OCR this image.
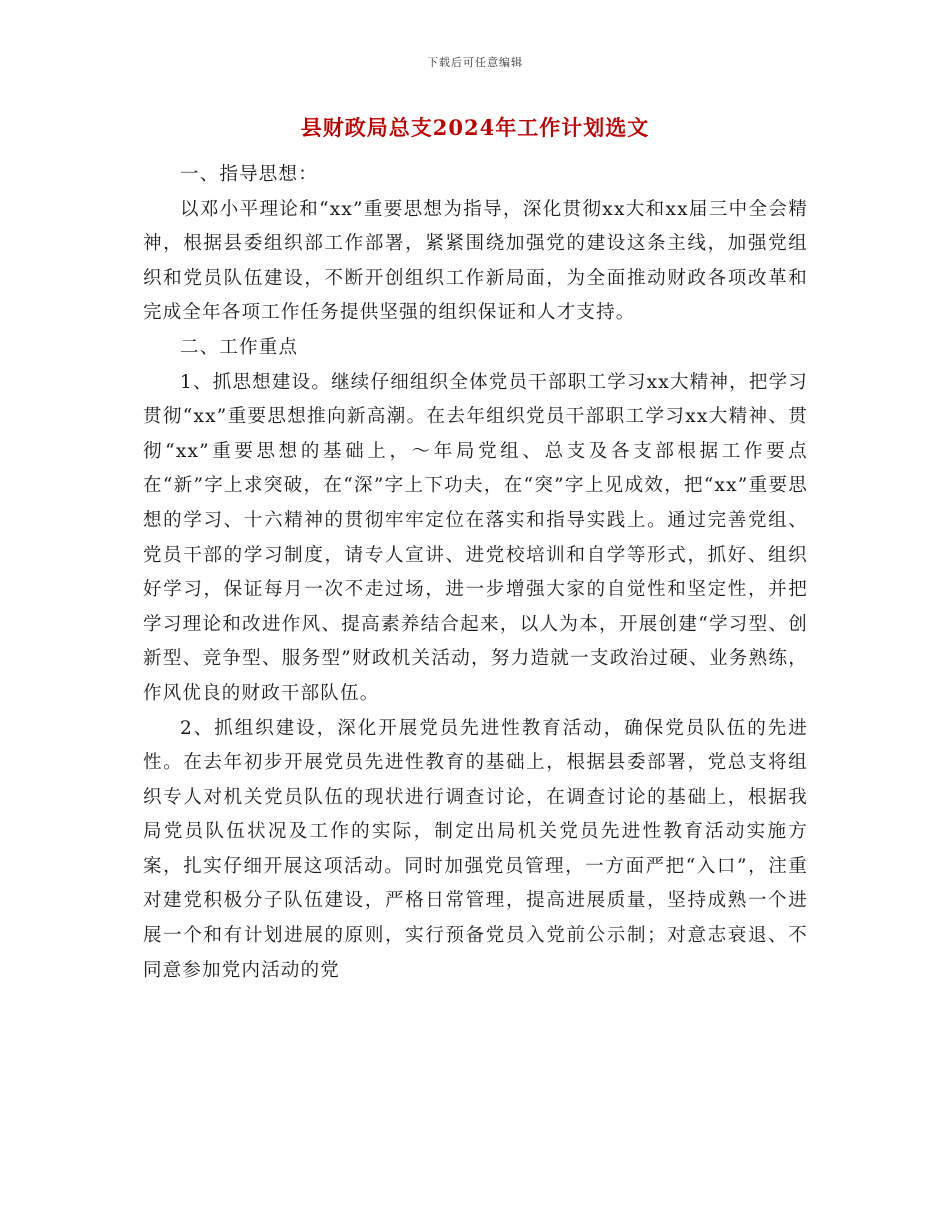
下载后可任意编辑
县财政局总支2024年工作计划选文

一、指导思想：

以邓小平理论和“xx”重要思想为指导，深化贯彻xx大和xx届三中全会精神，根据县委组织部工作部署，紧紧围绕加强党的建设这条主线，加强党组织和党员队伍建设，不断开创组织工作新局面，为全面推动财政各项改革和完成全年各项工作任务提供坚强的组织保证和人才支持。

二、工作重点

1、抓思想建设。继续仔细组织全体党员干部职工学习xx大精神，把学习贯彻“xx”重要思想推向新高潮。在去年组织党员干部职工学习xx大精神、贯彻“xx”重要思想的基础上，～年局党组、总支及各支部根据工作要点在“新”字上求突破，在“深”字上下功夫，在“突”字上见成效，把“xx”重要思想的学习、十六精神的贯彻牢牢定位在落实和指导实践上。通过完善党组、党员干部的学习制度，请专人宣讲、进党校培训和自学等形式，抓好、组织好学习，保证每月一次不走过场，进一步增强大家的自觉性和坚定性，并把学习理论和改进作风、提高素养结合起来，以人为本，开展创建“学习型、创新型、竞争型、服务型”财政机关活动，努力造就一支政治过硬、业务熟练，作风优良的财政干部队伍。

2、抓组织建设，深化开展党员先进性教育活动，确保党员队伍的先进性。在去年初步开展党员先进性教育的基础上，根据县委部署，党总支将组织专人对机关党员队伍的现状进行调查讨论，在调查讨论的基础上，根据我局党员队伍状况及工作的实际，制定出局机关党员先进性教育活动实施方案，扎实仔细开展这项活动。同时加强党员管理，一方面严把“入口”，注重对建党积极分子队伍建设，严格日常管理，提高进展质量，坚持成熟一个进展一个和有计划进展的原则，实行预备党员入党前公示制；对意志衰退、不同意参加党内活动的党
